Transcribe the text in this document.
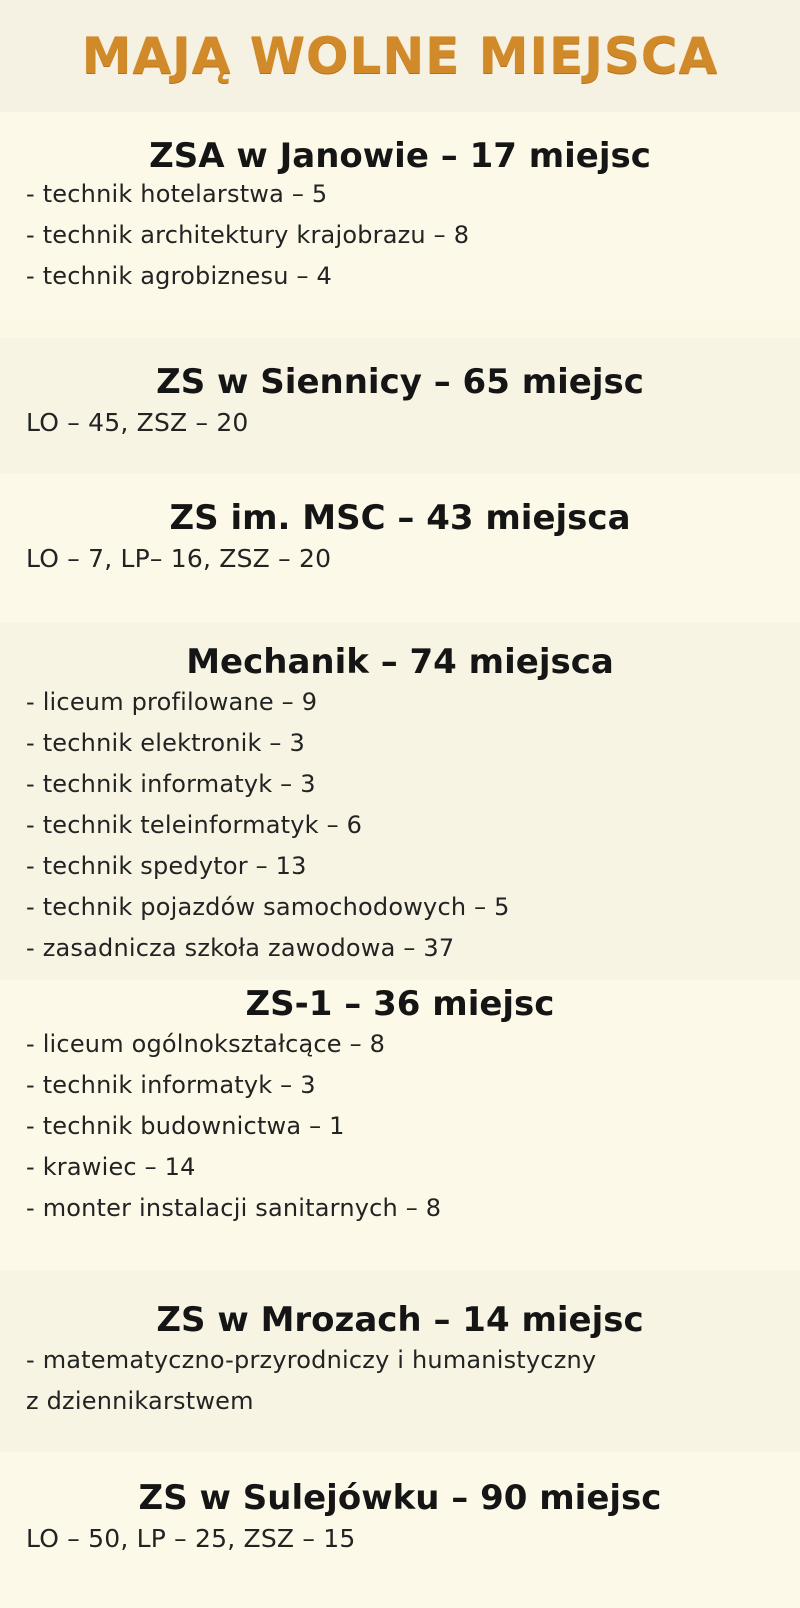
MAJĄ WOLNE MIEJSCA
ZSA w Janowie – 17 miejsc
- technik hotelarstwa – 5
- technik architektury krajobrazu – 8
- technik agrobiznesu – 4
ZS w Siennicy – 65 miejsc
LO – 45, ZSZ – 20
ZS im. MSC – 43 miejsca
LO – 7, LP– 16, ZSZ – 20
Mechanik – 74 miejsca
- liceum profilowane – 9
- technik elektronik – 3
- technik informatyk – 3
- technik teleinformatyk – 6
- technik spedytor – 13
- technik pojazdów samochodowych – 5
- zasadnicza szkoła zawodowa – 37
ZS-1 – 36 miejsc
- liceum ogólnokształcące – 8
- technik informatyk – 3
- technik budownictwa – 1
- krawiec – 14
- monter instalacji sanitarnych – 8
ZS w Mrozach – 14 miejsc
- matematyczno-przyrodniczy i humanistyczny
z dziennikarstwem
ZS w Sulejówku – 90 miejsc
LO – 50, LP – 25, ZSZ – 15
